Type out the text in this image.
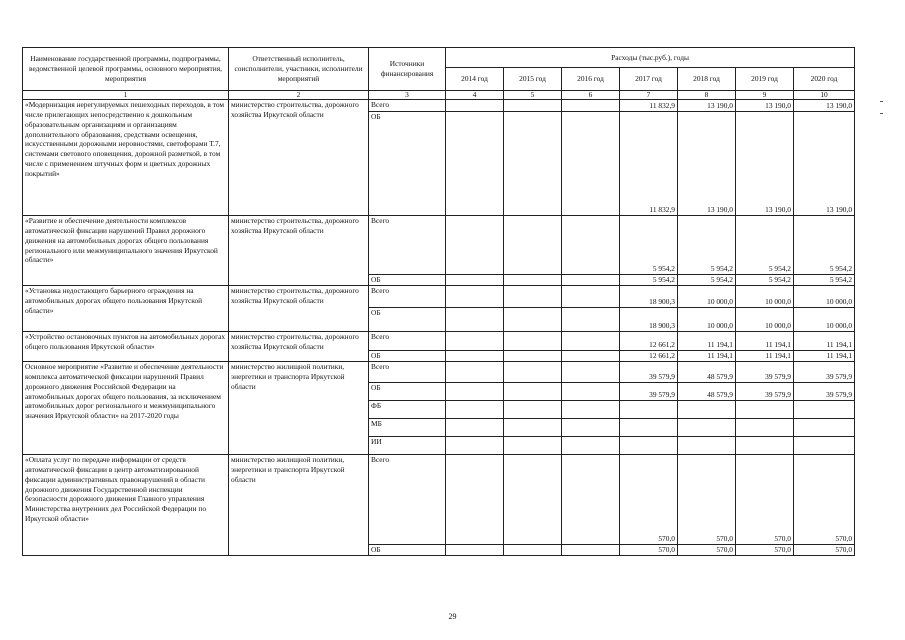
Наименование государственной программы, подпрограммы, ведомственной целевой программы, основного мероприятия, мероприятия	Ответственный исполнитель, соисполнители, участники, исполнители мероприятий	Источники финансирования	Расходы (тыс.руб.), годы						
			2014 год	2015 год	2016 год	2017 год	2018 год	2019 год	2020 год
1	2	3	4	5	6	7	8	9	10
«Модернизация нерегулируемых пешеходных переходов, в том числе прилегающих непосредственно к дошкольным образовательным организациям и организациям дополнительного образования, средствами освещения, искусственными дорожными неровностями, светофорами Т.7, системами светового оповещения, дорожной разметкой, в том числе с применением штучных форм и цветных дорожных покрытий»	министерство строительства, дорожного хозяйства Иркутской области	Всего				11 832,9	13 190,0	13 190,0	13 190,0
		ОБ				11 832,9	13 190,0	13 190,0	13 190,0
«Развитие и обеспечение деятельности комплексов автоматической фиксации нарушений Правил дорожного движения на автомобильных дорогах общего пользования регионального или межмуниципального значения Иркутской области»	министерство строительства, дорожного хозяйства Иркутской области	Всего				5 954,2	5 954,2	5 954,2	5 954,2
		ОБ				5 954,2	5 954,2	5 954,2	5 954,2
«Установка недостающего барьерного ограждения на автомобильных дорогах общего пользования Иркутской области»	министерство строительства, дорожного хозяйства Иркутской области	Всего				18 900,3	10 000,0	10 000,0	10 000,0
		ОБ				18 900,3	10 000,0	10 000,0	10 000,0
«Устройство остановочных пунктов на автомобильных дорогах общего пользования Иркутской области»	министерство строительства, дорожного хозяйства Иркутской области	Всего				12 661,2	11 194,1	11 194,1	11 194,1
		ОБ				12 661,2	11 194,1	11 194,1	11 194,1
Основное мероприятие «Развитие и обеспечение деятельности комплекса автоматической фиксации нарушений Правил дорожного движения Российской Федерации на автомобильных дорогах общего пользования, за исключением автомобильных дорог регионального и межмуниципального значения Иркутской области» на 2017-2020 годы	министерство жилищной политики, энергетики и транспорта Иркутской области	Всего				39 579,9	48 579,9	39 579,9	39 579,9
		ОБ				39 579,9	48 579,9	39 579,9	39 579,9
		ФБ							
		МБ							
		ИИ							
«Оплата услуг по передаче информации от средств автоматической фиксации в центр автоматизированной фиксации административных правонарушений в области дорожного движения Государственной инспекции безопасности дорожного движения Главного управления Министерства внутренних дел Российской Федерации по Иркутской области»	министерство жилищной политики, энергетики и транспорта Иркутской области	Всего				570,0	570,0	570,0	570,0
		ОБ				570,0	570,0	570,0	570,0
29
